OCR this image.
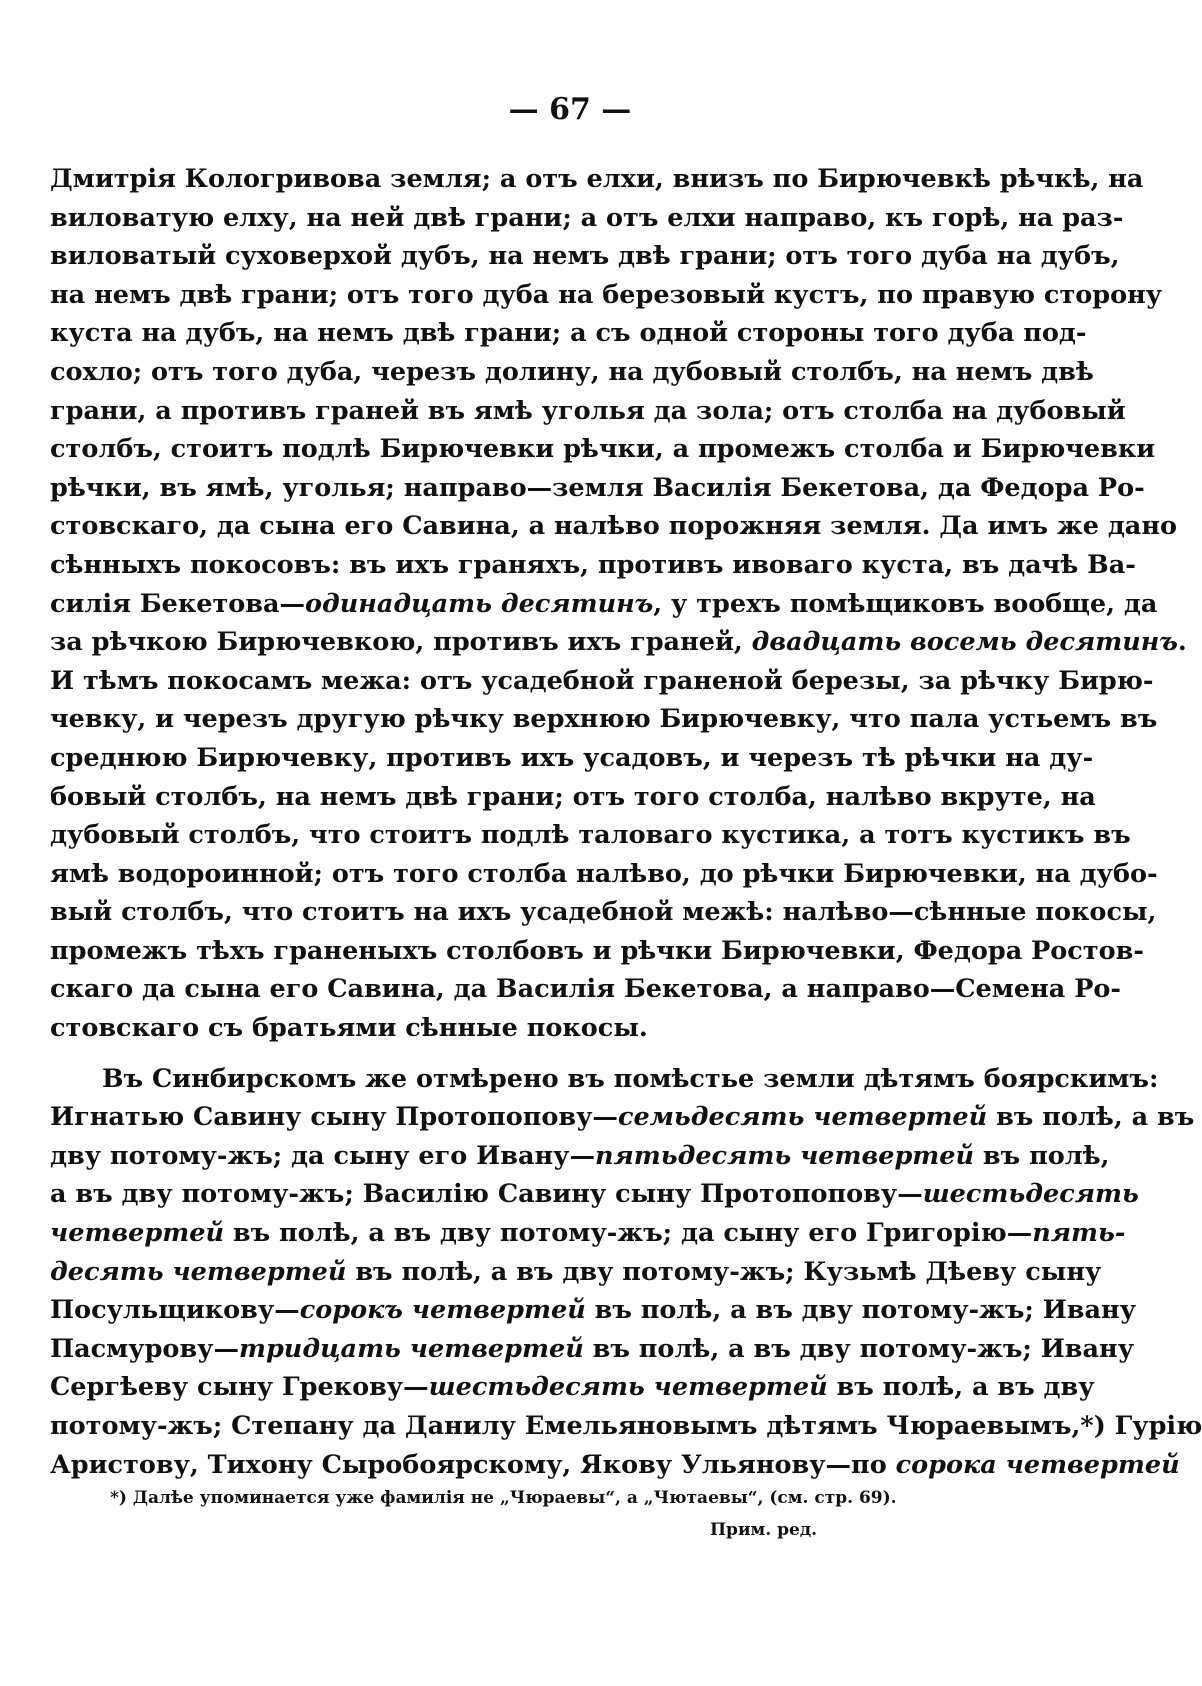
— 67 —
Дмитрія Кологривова земля; а отъ елхи, внизъ по Бирючевкѣ рѣчкѣ, на
виловатую елху, на ней двѣ грани; а отъ елхи направо, къ горѣ, на раз-
виловатый суховерхой дубъ, на немъ двѣ грани; отъ того дуба на дубъ,
на немъ двѣ грани; отъ того дуба на березовый кустъ, по правую сторону
куста на дубъ, на немъ двѣ грани; а съ одной стороны того дуба под-
сохло; отъ того дуба, черезъ долину, на дубовый столбъ, на немъ двѣ
грани, а противъ граней въ ямѣ уголья да зола; отъ столба на дубовый
столбъ, стоитъ подлѣ Бирючевки рѣчки, а промежъ столба и Бирючевки
рѣчки, въ ямѣ, уголья; направо—земля Василія Бекетова, да Федора Ро-
стовскаго, да сына его Савина, а налѣво порожняя земля. Да имъ же дано
сѣнныхъ покосовъ: въ ихъ граняхъ, противъ ивоваго куста, въ дачѣ Ва-
силія Бекетова—одинадцать десятинъ, у трехъ помѣщиковъ вообще, да
за рѣчкою Бирючевкою, противъ ихъ граней, двадцать восемь десятинъ.
И тѣмъ покосамъ межа: отъ усадебной граненой березы, за рѣчку Бирю-
чевку, и черезъ другую рѣчку верхнюю Бирючевку, что пала устьемъ въ
среднюю Бирючевку, противъ ихъ усадовъ, и черезъ тѣ рѣчки на ду-
бовый столбъ, на немъ двѣ грани; отъ того столба, налѣво вкруте, на
дубовый столбъ, что стоитъ подлѣ таловаго кустика, а тотъ кустикъ въ
ямѣ водороинной; отъ того столба налѣво, до рѣчки Бирючевки, на дубо-
вый столбъ, что стоитъ на ихъ усадебной межѣ: налѣво—сѣнные покосы,
промежъ тѣхъ граненыхъ столбовъ и рѣчки Бирючевки, Федора Ростов-
скаго да сына его Савина, да Василія Бекетова, а направо—Семена Ро-
стовскаго съ братьями сѣнные покосы.
Въ Синбирскомъ же отмѣрено въ помѣстье земли дѣтямъ боярскимъ:
Игнатью Савину сыну Протопопову—семьдесять четвертей въ полѣ, а въ
дву потому-жъ; да сыну его Ивану—пятьдесять четвертей въ полѣ,
а въ дву потому-жъ; Василію Савину сыну Протопопову—шестьдесять
четвертей въ полѣ, а въ дву потому-жъ; да сыну его Григорію—пять-
десять четвертей въ полѣ, а въ дву потому-жъ; Кузьмѣ Дѣеву сыну
Посульщикову—сорокъ четвертей въ полѣ, а въ дву потому-жъ; Ивану
Пасмурову—тридцать четвертей въ полѣ, а въ дву потому-жъ; Ивану
Сергѣеву сыну Грекову—шестьдесять четвертей въ полѣ, а въ дву
потому-жъ; Степану да Данилу Емельяновымъ дѣтямъ Чюраевымъ,*) Гурію
Аристову, Тихону Сыробоярскому, Якову Ульянову—по сорока четвертей
*) Далѣе упоминается уже фамилія не „Чюраевы“, а „Чютаевы“, (см. стр. 69).
Прим. ред.
